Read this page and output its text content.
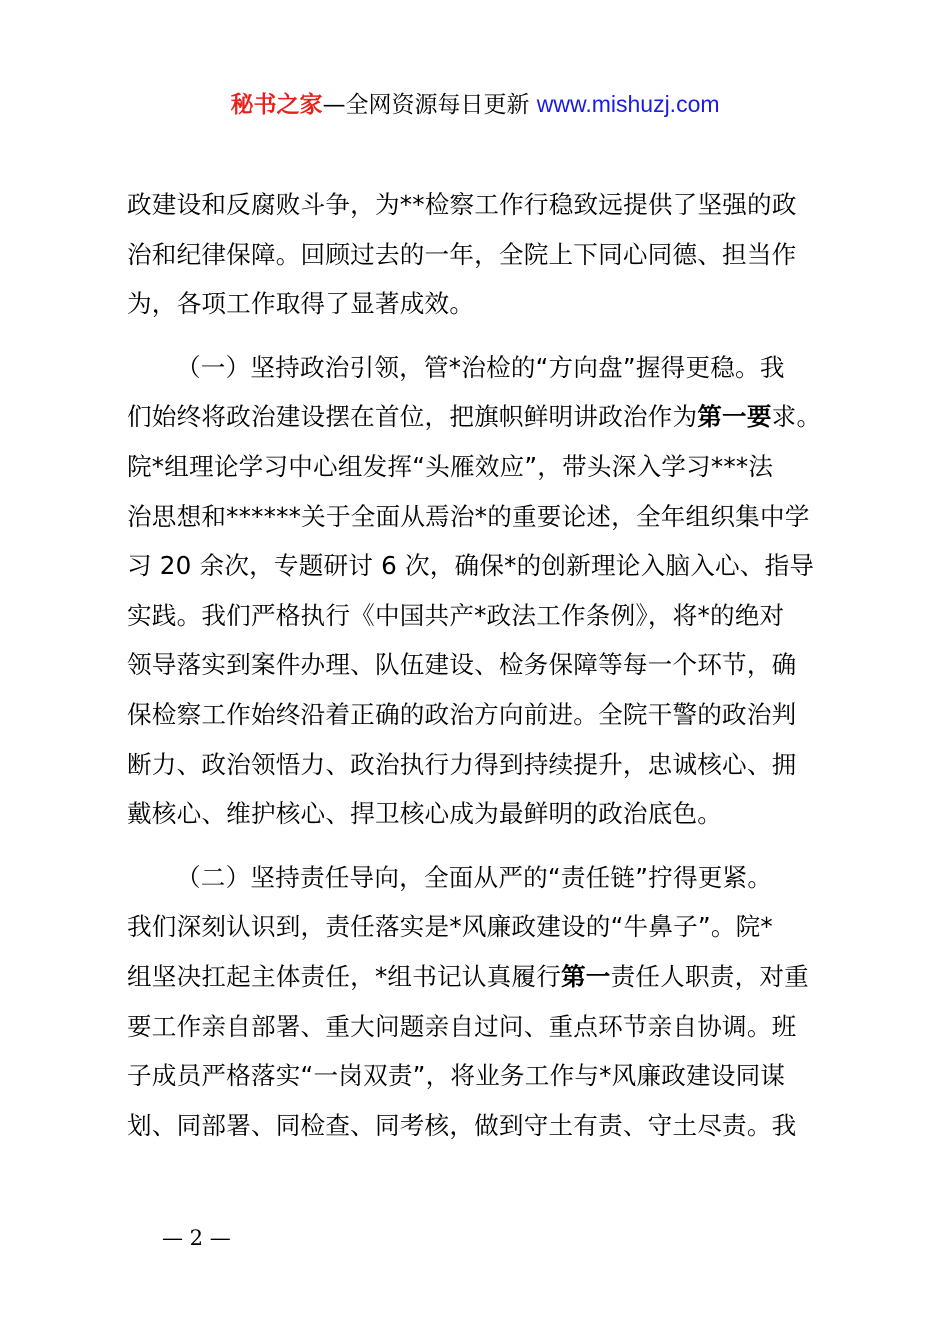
秘书之家—全网资源每日更新 www.mishuzj.com
政建设和反腐败斗争，为**检察工作行稳致远提供了坚强的政
治和纪律保障。回顾过去的一年，全院上下同心同德、担当作
为，各项工作取得了显著成效。
（一）坚持政治引领，管*治检的“方向盘”握得更稳。我
们始终将政治建设摆在首位，把旗帜鲜明讲政治作为第一要求。
院*组理论学习中心组发挥“头雁效应”，带头深入学习***法
治思想和******关于全面从焉治*的重要论述，全年组织集中学
习 20 余次，专题研讨 6 次，确保*的创新理论入脑入心、指导
实践。我们严格执行《中国共产*政法工作条例》，将*的绝对
领导落实到案件办理、队伍建设、检务保障等每一个环节，确
保检察工作始终沿着正确的政治方向前进。全院干警的政治判
断力、政治领悟力、政治执行力得到持续提升，忠诚核心、拥
戴核心、维护核心、捍卫核心成为最鲜明的政治底色。
（二）坚持责任导向，全面从严的“责任链”拧得更紧。
我们深刻认识到，责任落实是*风廉政建设的“牛鼻子”。院*
组坚决扛起主体责任，*组书记认真履行第一责任人职责，对重
要工作亲自部署、重大问题亲自过问、重点环节亲自协调。班
子成员严格落实“一岗双责”，将业务工作与*风廉政建设同谋
划、同部署、同检查、同考核，做到守土有责、守土尽责。我
— 2 —
